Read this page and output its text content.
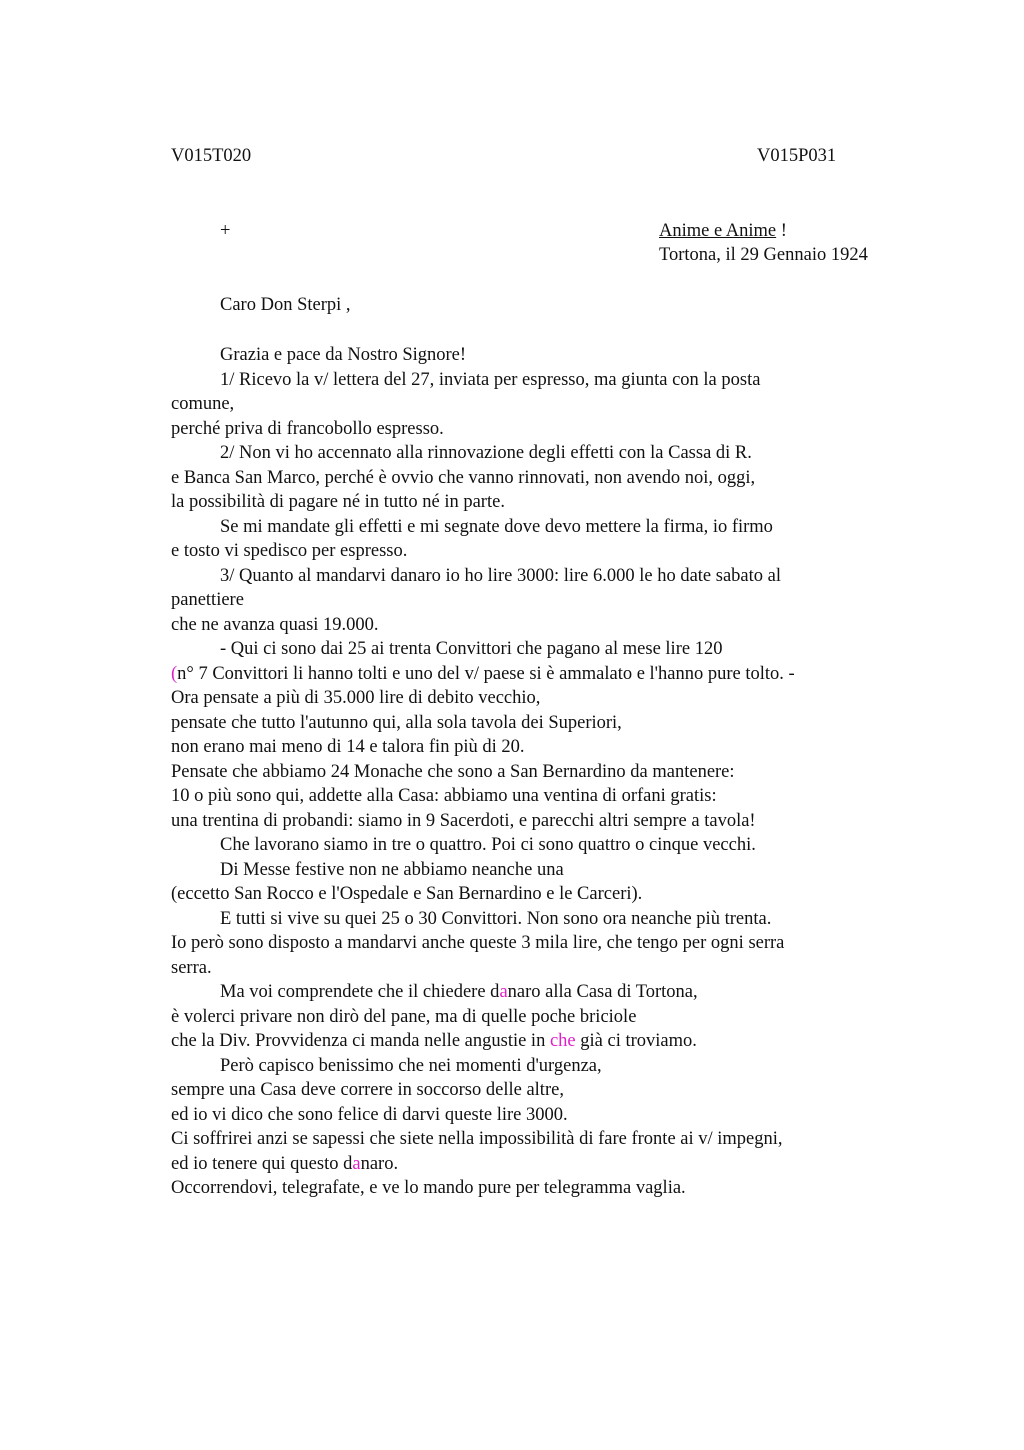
V015T020	V015P031
+	Anime e Anime !
Tortona, il 29 Gennaio 1924
Caro Don Sterpi ,
Grazia e pace da Nostro Signore!
1/ Ricevo la v/ lettera del 27, inviata per espresso, ma giunta con la posta
comune,
perché priva di francobollo espresso.
2/ Non vi ho accennato alla rinnovazione degli effetti con la Cassa di R.
e Banca San Marco, perché è ovvio che vanno rinnovati, non avendo noi, oggi,
la possibilità di pagare né in tutto né in parte.
Se mi mandate gli effetti e mi segnate dove devo mettere la firma, io firmo
e tosto vi spedisco per espresso.
3/ Quanto al mandarvi danaro io ho lire 3000: lire 6.000 le ho date sabato al
panettiere
che ne avanza quasi 19.000.
- Qui ci sono dai 25 ai trenta Convittori che pagano al mese lire 120
(n° 7 Convittori li hanno tolti e uno del v/ paese si è ammalato e l'hanno pure tolto. -
Ora pensate a più di 35.000 lire di debito vecchio,
pensate che tutto l'autunno qui, alla sola tavola dei Superiori,
non erano mai meno di 14 e talora fin più di 20.
Pensate che abbiamo 24 Monache che sono a San Bernardino da mantenere:
10 o più sono qui, addette alla Casa: abbiamo una ventina di orfani gratis:
una trentina di probandi: siamo in 9 Sacerdoti, e parecchi altri sempre a tavola!
Che lavorano siamo in tre o quattro. Poi ci sono quattro o cinque vecchi.
Di Messe festive non ne abbiamo neanche una
(eccetto San Rocco e l'Ospedale e San Bernardino e le Carceri).
E tutti si vive su quei 25 o 30 Convittori. Non sono ora neanche più trenta.
Io però sono disposto a mandarvi anche queste 3 mila lire, che tengo per ogni serra
serra.
Ma voi comprendete che il chiedere danaro alla Casa di Tortona,
è volerci privare non dirò del pane, ma di quelle poche briciole
che la Div. Provvidenza ci manda nelle angustie in che già ci troviamo.
Però capisco benissimo che nei momenti d'urgenza,
sempre una Casa deve correre in soccorso delle altre,
ed io vi dico che sono felice di darvi queste lire 3000.
Ci soffrirei anzi se sapessi che siete nella impossibilità di fare fronte ai v/ impegni,
ed io tenere qui questo danaro.
Occorrendovi, telegrafate, e ve lo mando pure per telegramma vaglia.
